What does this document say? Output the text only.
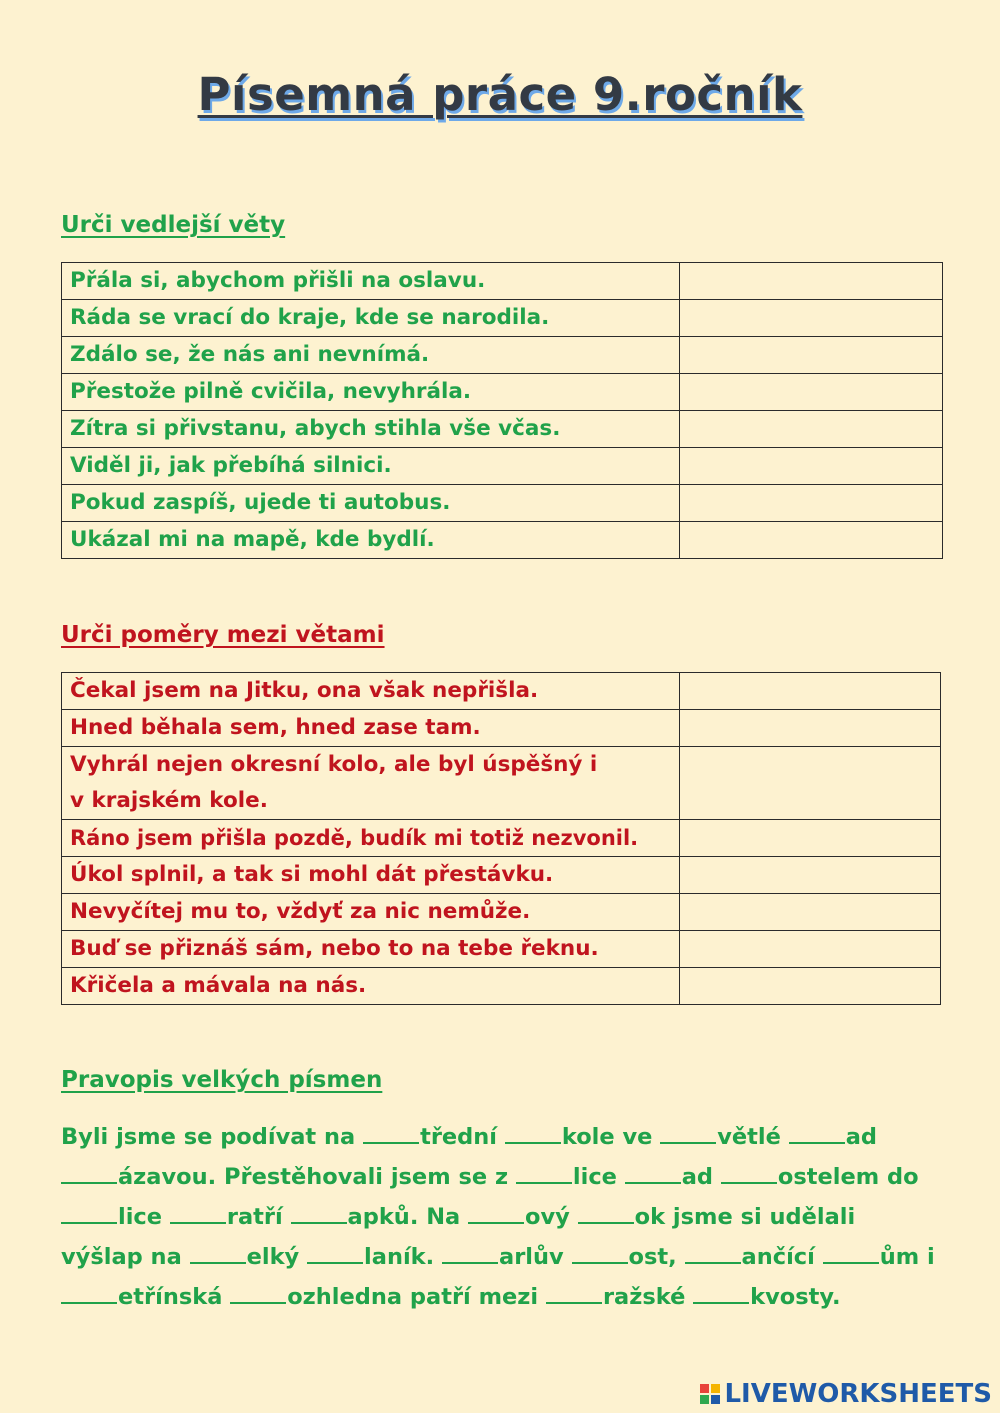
Písemná práce 9.ročník
Urči vedlejší věty
Přála si, abychom přišli na oslavu.	
Ráda se vrací do kraje, kde se narodila.	
Zdálo se, že nás ani nevnímá.	
Přestože pilně cvičila, nevyhrála.	
Zítra si přivstanu, abych stihla vše včas.	
Viděl ji, jak přebíhá silnici.	
Pokud zaspíš, ujede ti autobus.	
Ukázal mi na mapě, kde bydlí.	
Urči poměry mezi větami
Čekal jsem na Jitku, ona však nepřišla.	
Hned běhala sem, hned zase tam.	

Vyhrál nejen okresní kolo, ale byl úspěšný i
v krajském kole.

Ráno jsem přišla pozdě, budík mi totiž nezvonil.	
Úkol splnil, a tak si mohl dát přestávku.	
Nevyčítej mu to, vždyť za nic nemůže.	
Buď se přiznáš sám, nebo to na tebe řeknu.	
Křičela a mávala na nás.	
Pravopis velkých písmen
Byli jsme se podívat na	třední	kole ve	větlé	ad
ázavou. Přestěhovali jsem se z	lice	ad	ostelem do
lice	ratří	apků. Na	ový	ok jsme si udělali
výšlap na	elký	laník.	arlův	ost,	ančící	ům i
etřínská	ozhledna patří mezi	ražské	kvosty.
LIVEWORKSHEETS
